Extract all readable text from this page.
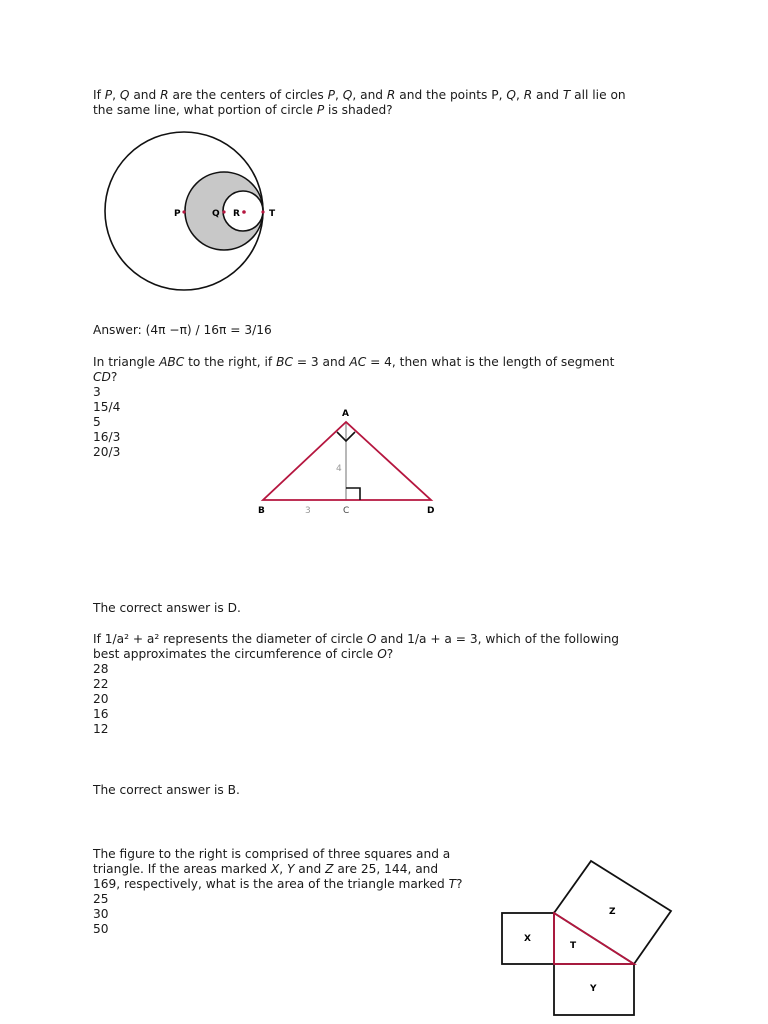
If P, Q and R are the centers of circles P, Q, and R and the points P, Q, R and T all lie on
the same line, what portion of circle P is shaded?
P	Q R	T
Answer: (4π −π) / 16π = 3/16
In triangle ABC to the right, if BC = 3 and AC = 4, then what is the length of segment
CD?
3
15/4
5
16/3
20/3
A
B	C	D
4
3
The correct answer is D.
If 1/a² + a² represents the diameter of circle O and 1/a + a = 3, which of the following
best approximates the circumference of circle O?
28
22
20
16
12
The correct answer is B.
The figure to the right is comprised of three squares and a
triangle. If the areas marked X, Y and Z are 25, 144, and
169, respectively, what is the area of the triangle marked T?
25
30
50
X
Y
Z
T
